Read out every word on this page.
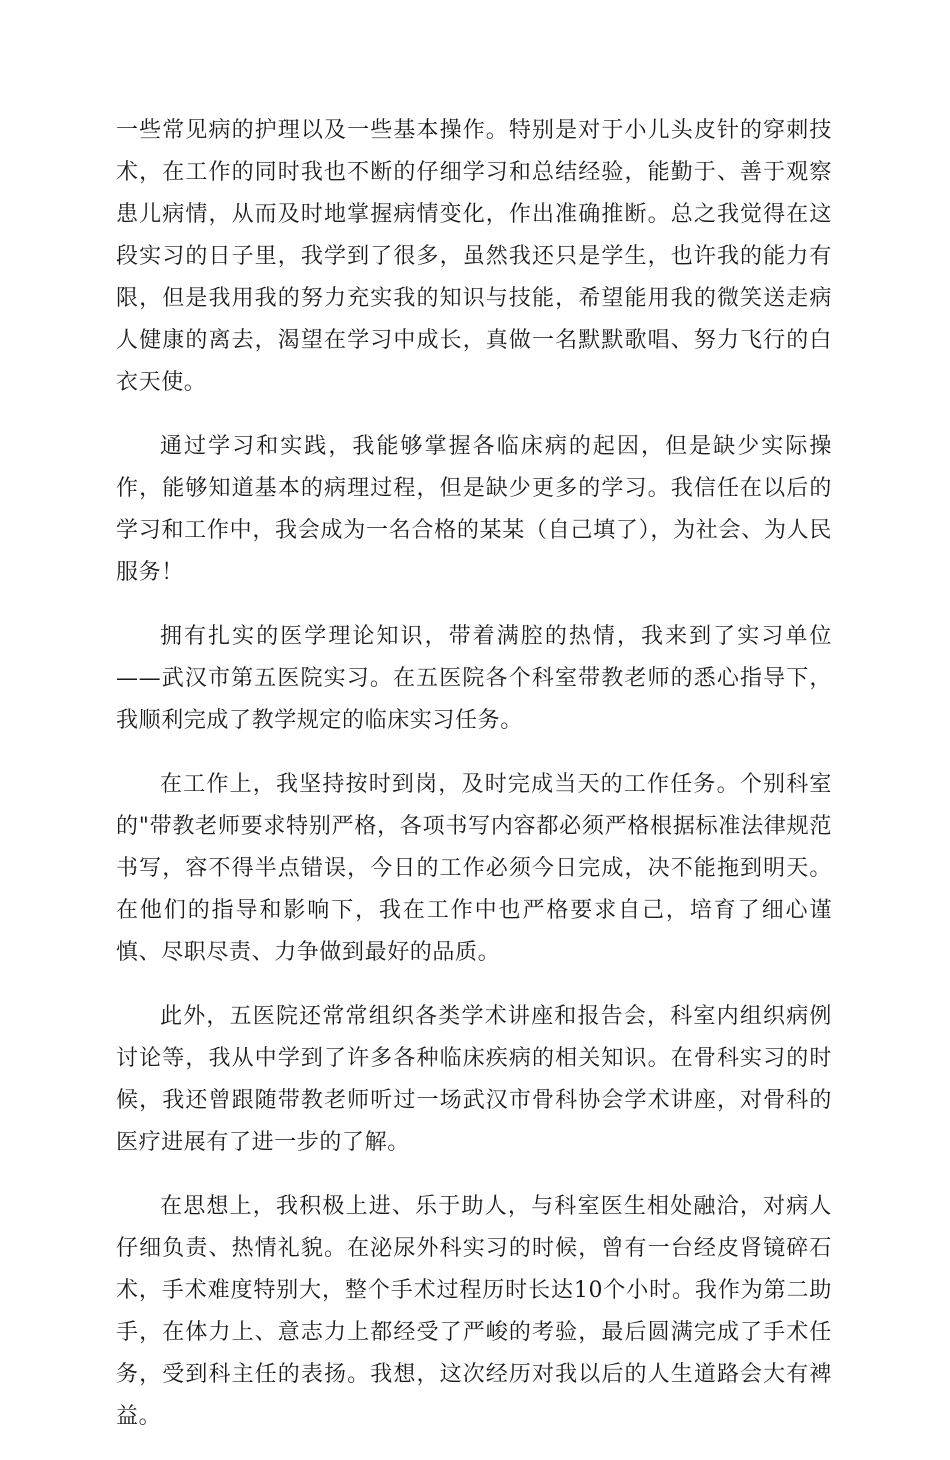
一些常见病的护理以及一些基本操作。特别是对于小儿头皮针的穿刺技术，在工作的同时我也不断的仔细学习和总结经验，能勤于、善于观察患儿病情，从而及时地掌握病情变化，作出准确推断。总之我觉得在这段实习的日子里，我学到了很多，虽然我还只是学生，也许我的能力有限，但是我用我的努力充实我的知识与技能，希望能用我的微笑送走病人健康的离去，渴望在学习中成长，真做一名默默歌唱、努力飞行的白衣天使。

通过学习和实践，我能够掌握各临床病的起因，但是缺少实际操作，能够知道基本的病理过程，但是缺少更多的学习。我信任在以后的学习和工作中，我会成为一名合格的某某（自己填了），为社会、为人民服务！

拥有扎实的医学理论知识，带着满腔的热情，我来到了实习单位——武汉市第五医院实习。在五医院各个科室带教老师的悉心指导下，我顺利完成了教学规定的临床实习任务。

在工作上，我坚持按时到岗，及时完成当天的工作任务。个别科室的"带教老师要求特别严格，各项书写内容都必须严格根据标准法律规范书写，容不得半点错误，今日的工作必须今日完成，决不能拖到明天。在他们的指导和影响下，我在工作中也严格要求自己，培育了细心谨慎、尽职尽责、力争做到最好的品质。

此外，五医院还常常组织各类学术讲座和报告会，科室内组织病例讨论等，我从中学到了许多各种临床疾病的相关知识。在骨科实习的时候，我还曾跟随带教老师听过一场武汉市骨科协会学术讲座，对骨科的医疗进展有了进一步的了解。

在思想上，我积极上进、乐于助人，与科室医生相处融洽，对病人仔细负责、热情礼貌。在泌尿外科实习的时候，曾有一台经皮肾镜碎石术，手术难度特别大，整个手术过程历时长达10个小时。我作为第二助手，在体力上、意志力上都经受了严峻的考验，最后圆满完成了手术任务，受到科主任的表扬。我想，这次经历对我以后的人生道路会大有裨益。
